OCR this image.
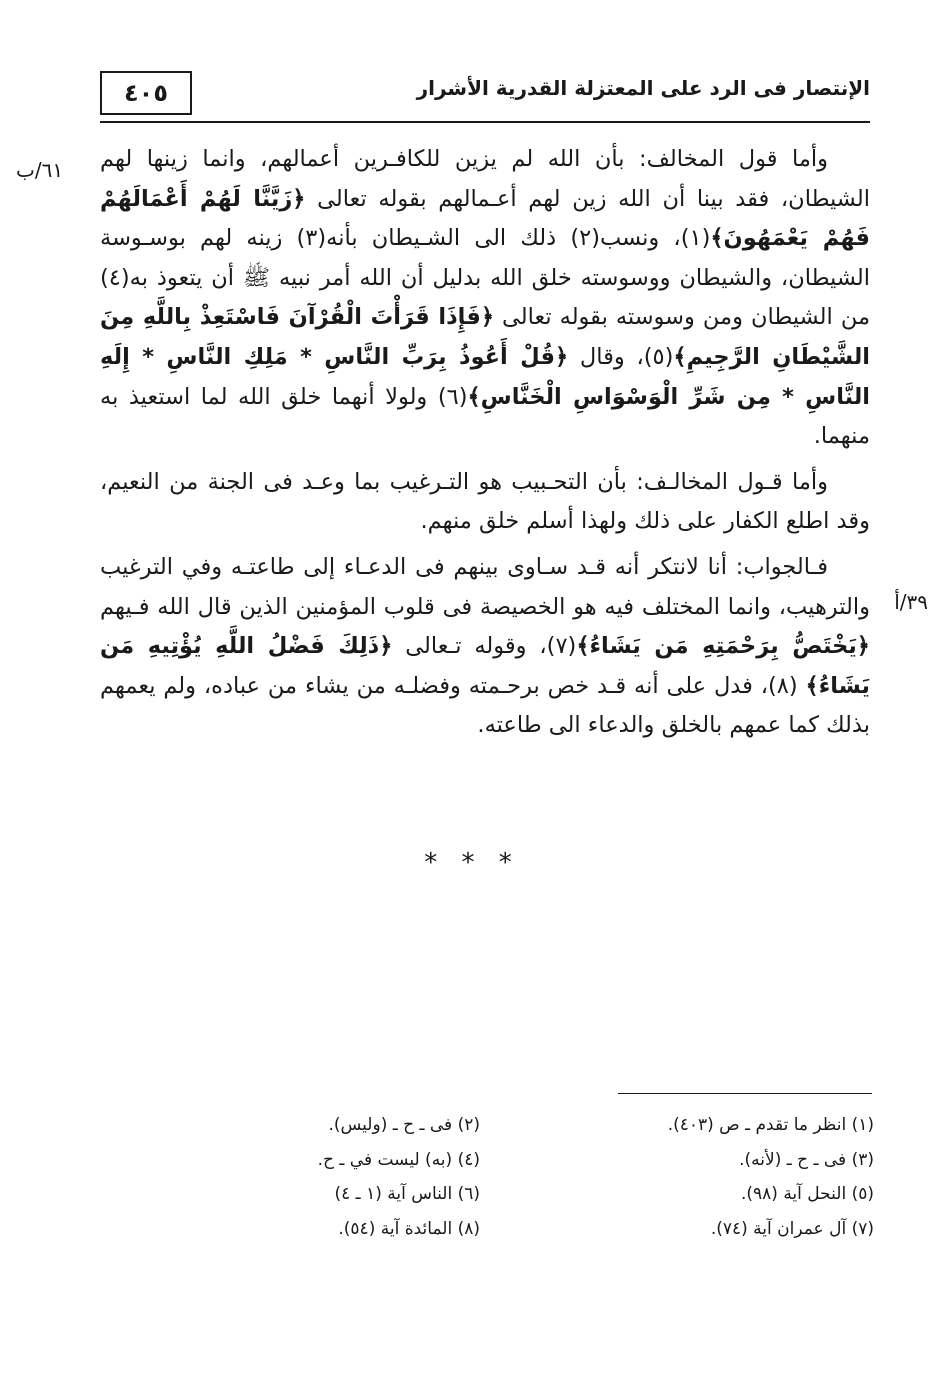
الإنتصار فى الرد على المعتزلة القدرية الأشرار
٤٠٥
٦١/ب
٣٩/أ

وأما قول المخالف: بأن الله لم يزين للكافـرين أعمالهم، وانما زينها لهم الشيطان، فقد بينا أن الله زين لهم أعـمالهم بقوله تعالى ﴿زَيَّنَّا لَهُمْ أَعْمَالَهُمْ فَهُمْ يَعْمَهُونَ﴾(١)، ونسب(٢) ذلك الى الشـيطان بأنه(٣) زينه لهم بوسـوسة الشيطان، والشيطان ووسوسته خلق الله بدليل أن الله أمر نبيه ﷺ أن يتعوذ به(٤) من الشيطان ومن وسوسته بقوله تعالى ﴿فَإِذَا قَرَأْتَ الْقُرْآنَ فَاسْتَعِذْ بِاللَّهِ مِنَ الشَّيْطَانِ الرَّجِيمِ﴾(٥)، وقال ﴿قُلْ أَعُوذُ بِرَبِّ النَّاسِ * مَلِكِ النَّاسِ * إِلَهِ النَّاسِ * مِن شَرِّ الْوَسْوَاسِ الْخَنَّاسِ﴾(٦) ولولا أنهما خلق الله لما استعيذ به منهما.

وأما قـول المخالـف: بأن التحـبيب هو التـرغيب بما وعـد فى الجنة من النعيم، وقد اطلع الكفار على ذلك ولهذا أسلم خلق منهم.

فـالجواب: أنا لانتكر أنه قـد سـاوى بينهم فى الدعـاء إلى طاعتـه وفي الترغيب والترهيب، وانما المختلف فيه هو الخصيصة فى قلوب المؤمنين الذين قال الله فـيهم ﴿يَخْتَصُّ بِرَحْمَتِهِ مَن يَشَاءُ﴾(٧)، وقوله تـعالى ﴿ذَلِكَ فَضْلُ اللَّهِ يُؤْتِيهِ مَن يَشَاءُ﴾ (٨)، فدل على أنه قـد خص برحـمته وفضلـه من يشاء من عباده، ولم يعمهم بذلك كما عمهم بالخلق والدعاء الى طاعته.

* * *
(١) انظر ما تقدم ـ ص (٤٠٣).
(٣) فى ـ ح ـ (لأنه).
(٥) النحل آية (٩٨).
(٧) آل عمران آية (٧٤).
(٢) فى ـ ح ـ (وليس).
(٤) (به) ليست في ـ ح.
(٦) الناس آية (١ ـ ٤)
(٨) المائدة آية (٥٤).
